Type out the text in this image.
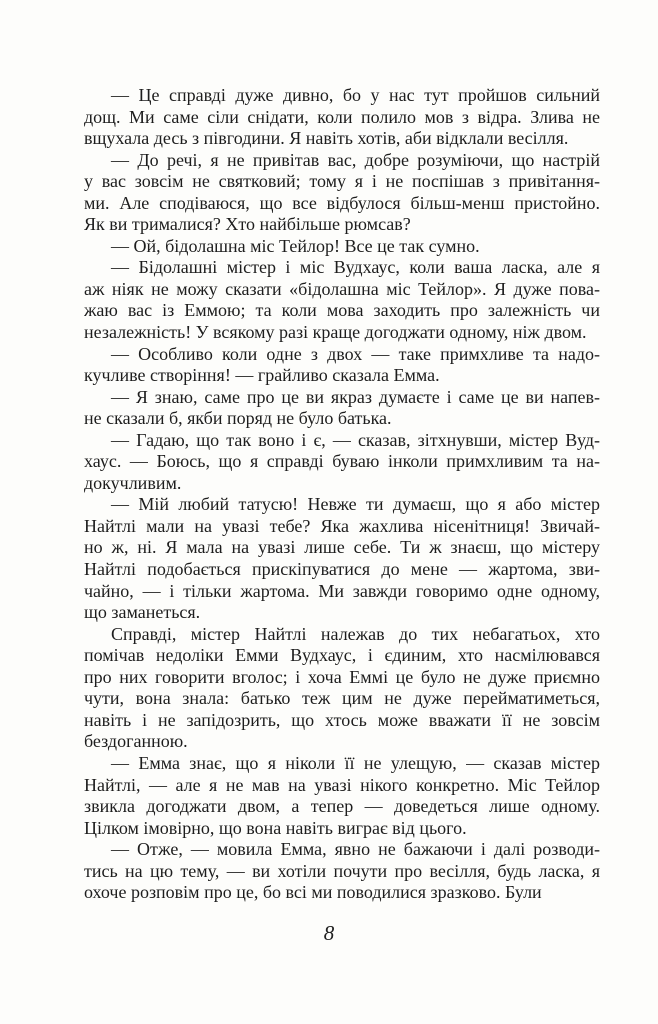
— Це справді дуже дивно, бо у нас тут пройшов сильний
дощ. Ми саме сіли снідати, коли полило мов з відра. Злива не
вщухала десь з півгодини. Я навіть хотів, аби відклали весілля.

— До речі, я не привітав вас, добре розуміючи, що настрій
у вас зовсім не святковий; тому я і не поспішав з привітання-
ми. Але сподіваюся, що все відбулося більш-менш пристойно.
Як ви трималися? Хто найбільше рюмсав?

— Ой, бідолашна міс Тейлор! Все це так сумно.

— Бідолашні містер і міс Вудхаус, коли ваша ласка, але я
аж ніяк не можу сказати «бідолашна міс Тейлор». Я дуже пова-
жаю вас із Еммою; та коли мова заходить про залежність чи
незалежність! У всякому разі краще догоджати одному, ніж двом.

— Особливо коли одне з двох — таке примхливе та надо-
кучливе створіння! — грайливо сказала Емма.

— Я знаю, саме про це ви якраз думаєте і саме це ви напев-
не сказали б, якби поряд не було батька.

— Гадаю, що так воно і є, — сказав, зітхнувши, містер Вуд-
хаус. — Боюсь, що я справді буваю інколи примхливим та на-
докучливим.

— Мій любий татусю! Невже ти думаєш, що я або містер
Найтлі мали на увазі тебе? Яка жахлива нісенітниця! Звичай-
но ж, ні. Я мала на увазі лише себе. Ти ж знаєш, що містеру
Найтлі подобається прискіпуватися до мене — жартома, зви-
чайно, — і тільки жартома. Ми завжди говоримо одне одному,
що заманеться.

Справді, містер Найтлі належав до тих небагатьох, хто
помічав недоліки Емми Вудхаус, і єдиним, хто насмілювався
про них говорити вголос; і хоча Еммі це було не дуже приємно
чути, вона знала: батько теж цим не дуже перейматиметься,
навіть і не запідозрить, що хтось може вважати її не зовсім
бездоганною.

— Емма знає, що я ніколи її не улещую, — сказав містер
Найтлі, — але я не мав на увазі нікого конкретно. Міс Тейлор
звикла догоджати двом, а тепер — доведеться лише одному.
Цілком імовірно, що вона навіть виграє від цього.

— Отже, — мовила Емма, явно не бажаючи і далі розводи-
тись на цю тему, — ви хотіли почути про весілля, будь ласка, я
охоче розповім про це, бо всі ми поводилися зразково. Були

8
